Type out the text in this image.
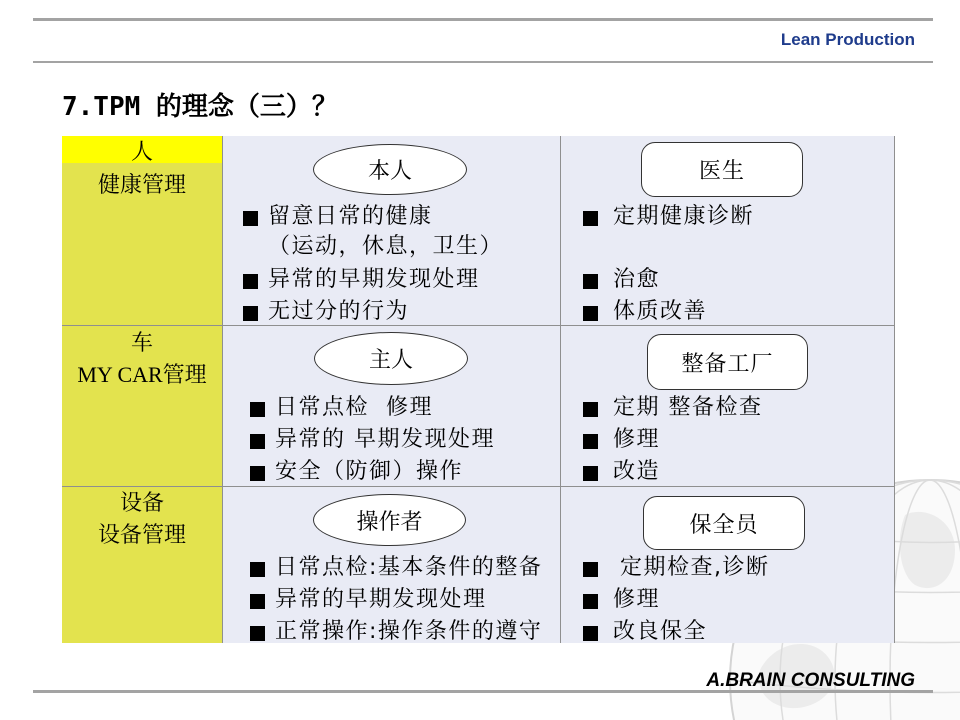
Lean Production
7.TPM 的理念（三）？
人
健康管理
本人
留意日常的健康
（运动，休息，卫生）
异常的早期发现处理
无过分的行为
医生
定期健康诊断
治愈
体质改善
车
MY CAR管理
主人
日常点检  修理
异常的 早期发现处理
安全（防御）操作
整备工厂
定期 整备检查
修理
改造
设备
设备管理	操作者
日常点检:基本条件的整备
异常的早期发现处理
正常操作:操作条件的遵守
保全员
定期检查,诊断
修理
改良保全
A.BRAIN CONSULTING
